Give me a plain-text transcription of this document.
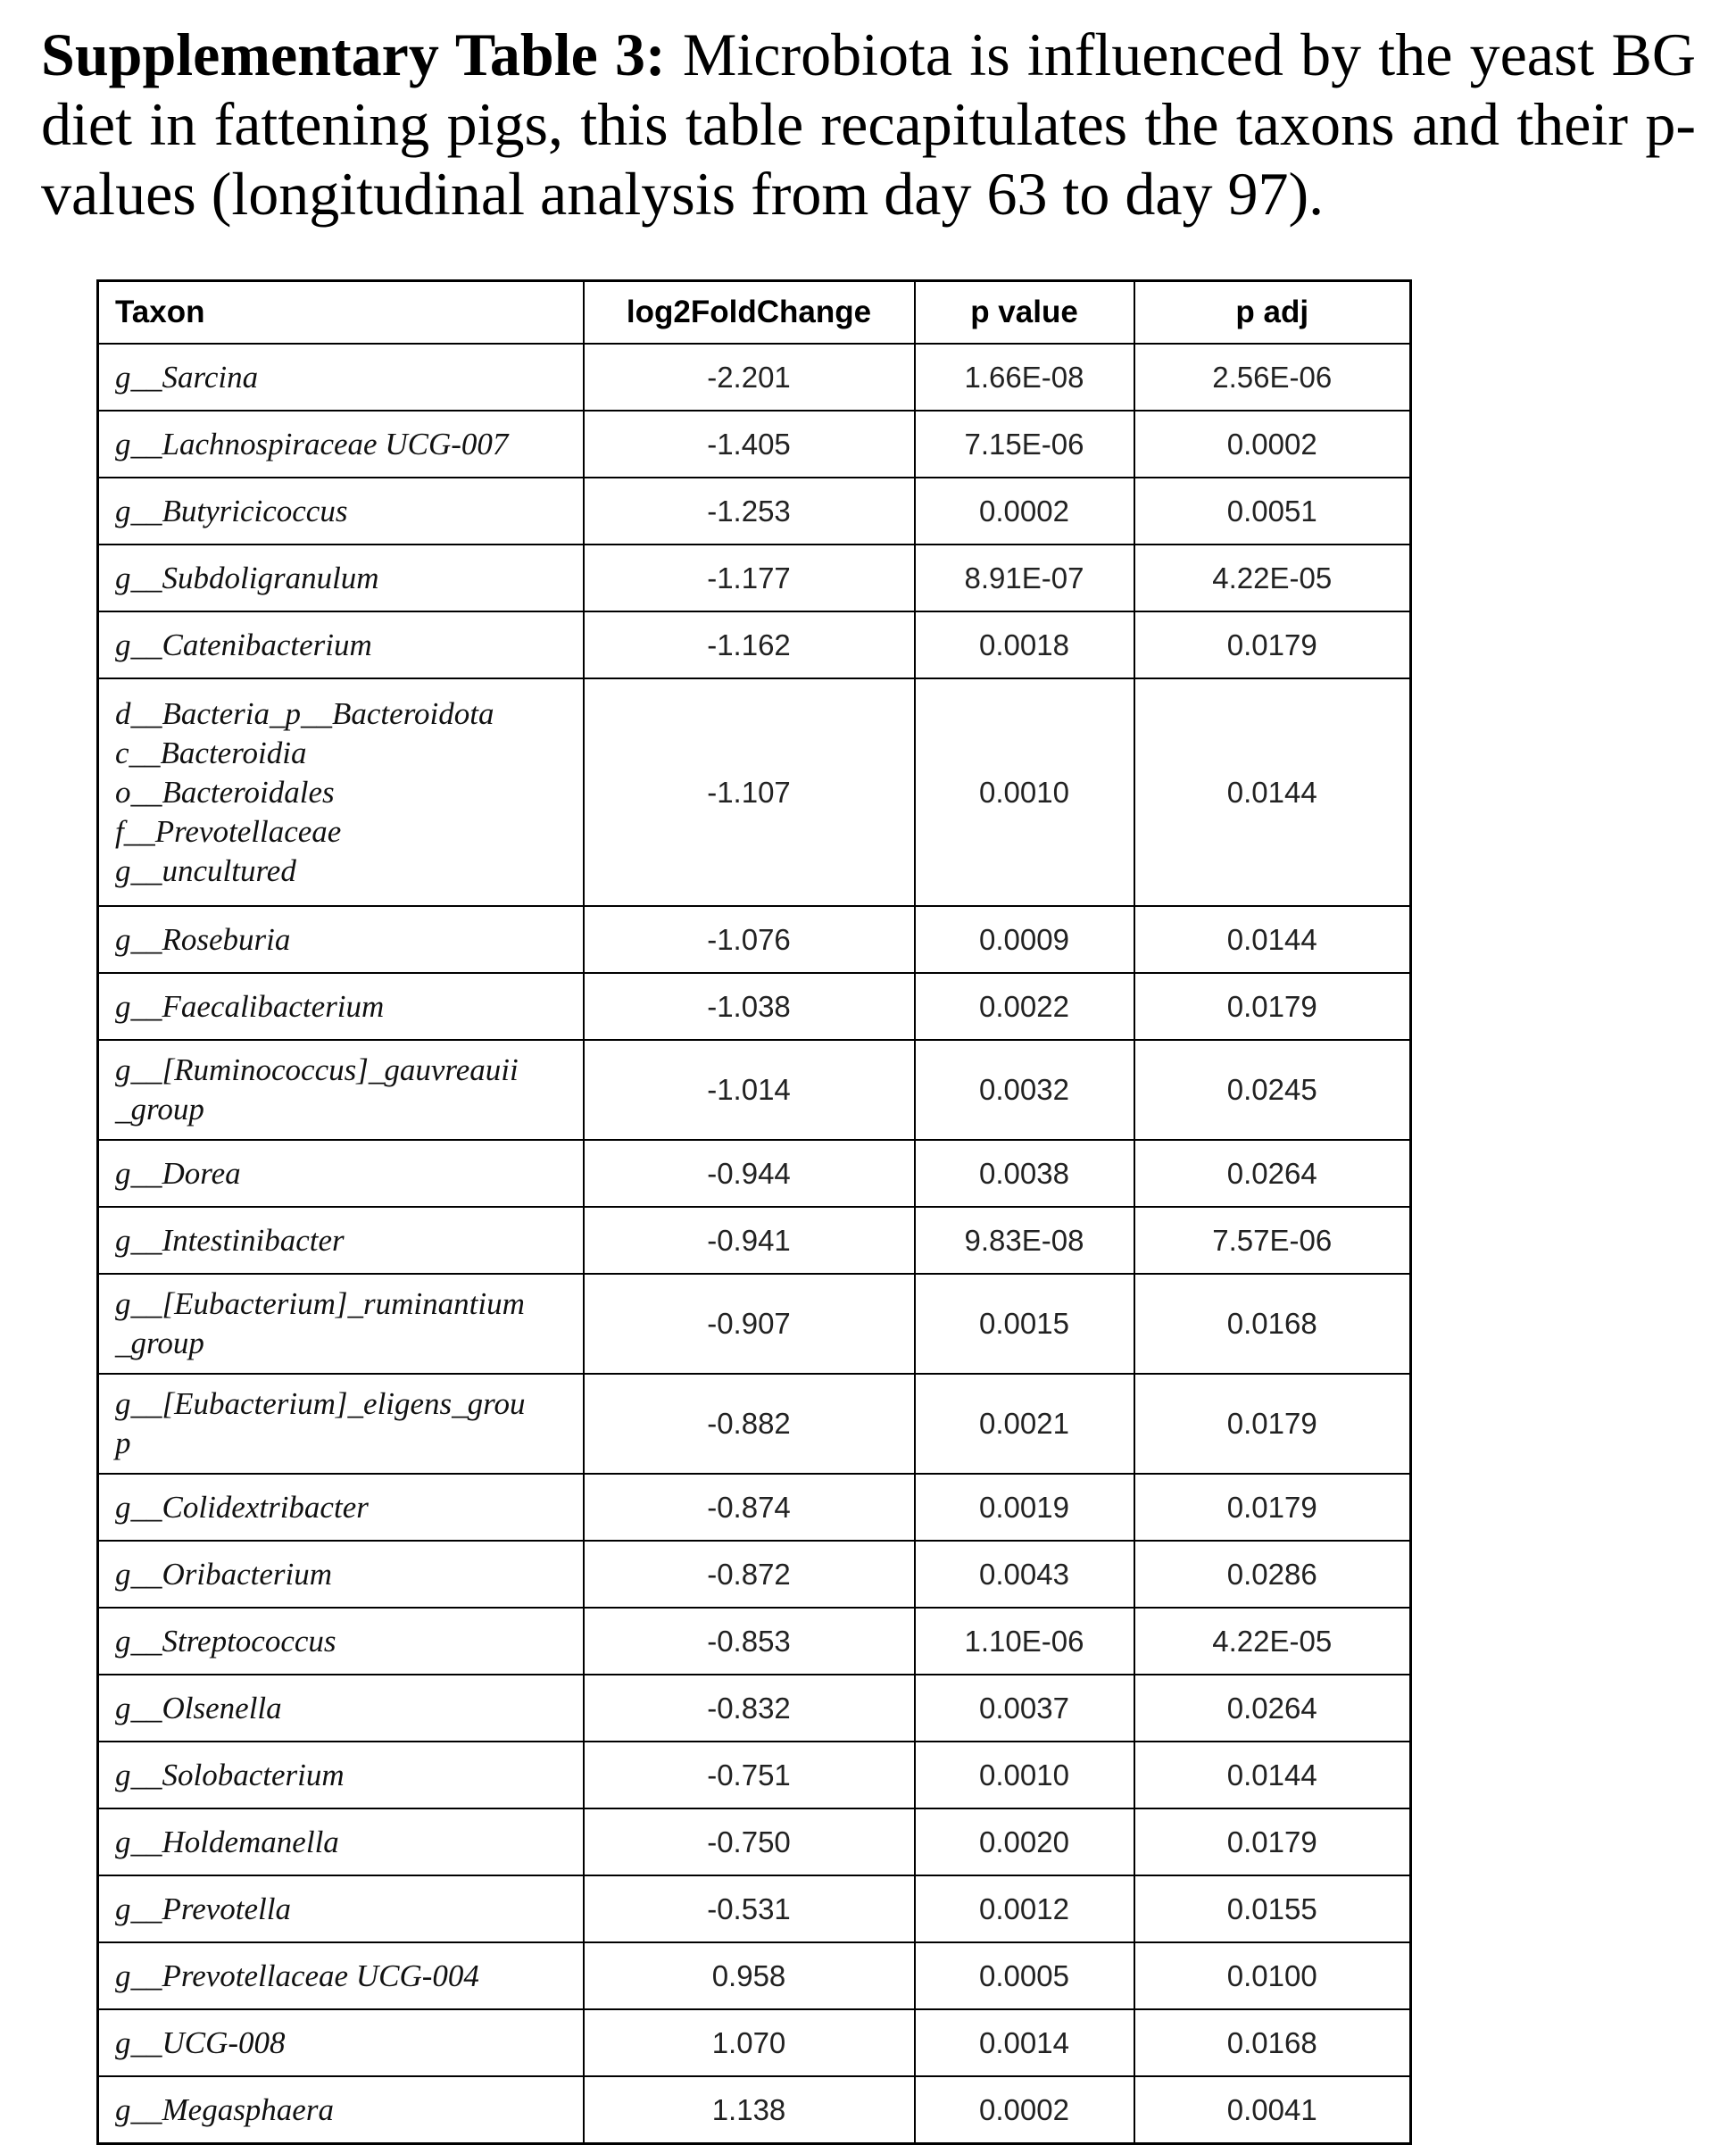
Supplementary Table 3: Microbiota is influenced by the yeast BG diet in fattening pigs, this table recapitulates the taxons and their p-values (longitudinal analysis from day 63 to day 97).
Taxon	log2FoldChange	p value	p adj

g__Sarcina	-2.201	1.66E-08	2.56E-06

g__Lachnospiraceae UCG-007	-1.405	7.15E-06	0.0002

g__Butyricicoccus	-1.253	0.0002	0.0051

g__Subdoligranulum	-1.177	8.91E-07	4.22E-05

g__Catenibacterium	-1.162	0.0018	0.0179

d__Bacteria_p__Bacteroidota
c__Bacteroidia
o__Bacteroidales
f__Prevotellaceae
g__uncultured	-1.107	0.0010	0.0144

g__Roseburia	-1.076	0.0009	0.0144

g__Faecalibacterium	-1.038	0.0022	0.0179

g__[Ruminococcus]_gauvreauii
_group	-1.014	0.0032	0.0245

g__Dorea	-0.944	0.0038	0.0264

g__Intestinibacter	-0.941	9.83E-08	7.57E-06

g__[Eubacterium]_ruminantium
_group	-0.907	0.0015	0.0168

g__[Eubacterium]_eligens_grou
p	-0.882	0.0021	0.0179

g__Colidextribacter	-0.874	0.0019	0.0179

g__Oribacterium	-0.872	0.0043	0.0286

g__Streptococcus	-0.853	1.10E-06	4.22E-05

g__Olsenella	-0.832	0.0037	0.0264

g__Solobacterium	-0.751	0.0010	0.0144

g__Holdemanella	-0.750	0.0020	0.0179

g__Prevotella	-0.531	0.0012	0.0155

g__Prevotellaceae UCG-004	0.958	0.0005	0.0100

g__UCG-008	1.070	0.0014	0.0168

g__Megasphaera	1.138	0.0002	0.0041
